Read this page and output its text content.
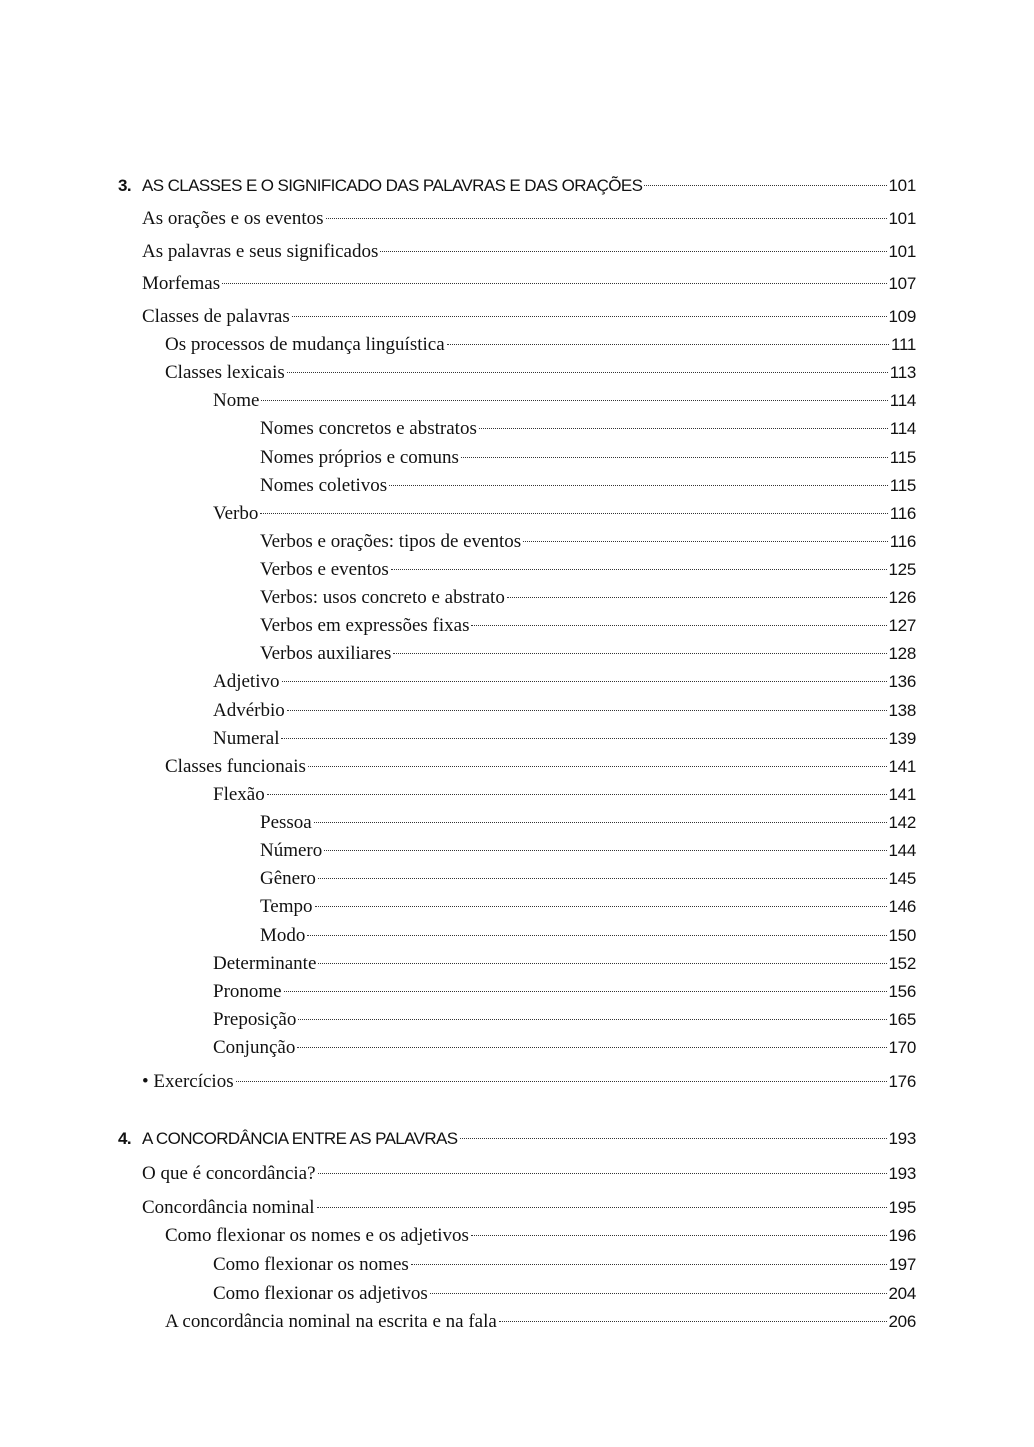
3. AS CLASSES E O SIGNIFICADO DAS PALAVRAS E DAS ORAÇÕES	101
As orações e os eventos	101
As palavras e seus significados	101
Morfemas	107
Classes de palavras	109
Os processos de mudança linguística	111
Classes lexicais	113
Nome	114
Nomes concretos e abstratos	114
Nomes próprios e comuns	115
Nomes coletivos	115
Verbo	116
Verbos e orações: tipos de eventos	116
Verbos e eventos	125
Verbos: usos concreto e abstrato	126
Verbos em expressões fixas	127
Verbos auxiliares	128
Adjetivo	136
Advérbio	138
Numeral	139
Classes funcionais	141
Flexão	141
Pessoa	142
Número	144
Gênero	145
Tempo	146
Modo	150
Determinante	152
Pronome	156
Preposição	165
Conjunção	170
• Exercícios	176
4. A CONCORDÂNCIA ENTRE AS PALAVRAS	193
O que é concordância?	193
Concordância nominal	195
Como flexionar os nomes e os adjetivos	196
Como flexionar os nomes	197
Como flexionar os adjetivos	204
A concordância nominal na escrita e na fala	206
